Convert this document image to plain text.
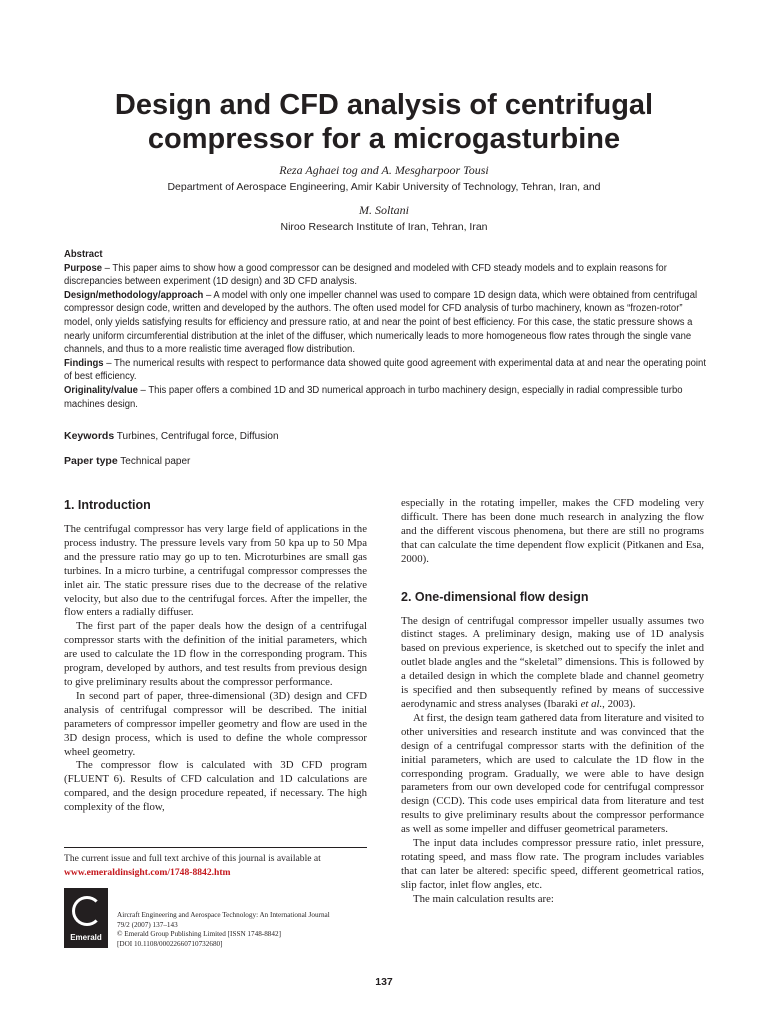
Design and CFD analysis of centrifugal
compressor for a microgasturbine
Reza Aghaei tog and A. Mesgharpoor Tousi
Department of Aerospace Engineering, Amir Kabir University of Technology, Tehran, Iran, and
M. Soltani
Niroo Research Institute of Iran, Tehran, Iran

Abstract

Purpose – This paper aims to show how a good compressor can be designed and modeled with CFD steady models and to explain reasons for discrepancies between experiment (1D design) and 3D CFD analysis.

Design/methodology/approach – A model with only one impeller channel was used to compare 1D design data, which were obtained from centrifugal compressor design code, written and developed by the authors. The often used model for CFD analysis of turbo machinery, known as “frozen-rotor” model, only yields satisfying results for efficiency and pressure ratio, at and near the point of best efficiency. For this case, the static pressure shows a nearly uniform circumferential distribution at the inlet of the diffuser, which numerically leads to more homogeneous flow rates through the single vane channels, and thus to a more realistic time averaged flow distribution.

Findings – The numerical results with respect to performance data showed quite good agreement with experimental data at and near the operating point of best efficiency.

Originality/value – This paper offers a combined 1D and 3D numerical approach in turbo machinery design, especially in radial compressible turbo machines design.

Keywords Turbines, Centrifugal force, Diffusion
Paper type Technical paper
1. Introduction

The centrifugal compressor has very large field of applications in the process industry. The pressure levels vary from 50 kpa up to 50 Mpa and the pressure ratio may go up to ten. Microturbines are small gas turbines. In a micro turbine, a centrifugal compressor compresses the inlet air. The static pressure rises due to the decrease of the relative velocity, but also due to the centrifugal forces. After the impeller, the flow enters a radially diffuser.

The first part of the paper deals how the design of a centrifugal compressor starts with the definition of the initial parameters, which are used to calculate the 1D flow in the corresponding program. This program, developed by authors, and test results from previous design to give preliminary results about the compressor performance.

In second part of paper, three-dimensional (3D) design and CFD analysis of centrifugal compressor will be described. The initial parameters of compressor impeller geometry and flow are used in the 3D design process, which is used to define the whole compressor wheel geometry.

The compressor flow is calculated with 3D CFD program (FLUENT 6). Results of CFD calculation and 1D calculations are compared, and the design procedure repeated, if necessary. The high complexity of the flow,

especially in the rotating impeller, makes the CFD modeling very difficult. There has been done much research in analyzing the flow and the different viscous phenomena, but there are still no programs that can calculate the time dependent flow explicit (Pitkanen and Esa, 2000).

2. One-dimensional flow design

The design of centrifugal compressor impeller usually assumes two distinct stages. A preliminary design, making use of 1D analysis based on previous experience, is sketched out to specify the inlet and outlet blade angles and the “skeletal” dimensions. This is followed by a detailed design in which the complete blade and channel geometry is specified and then subsequently refined by means of successive aerodynamic and stress analyses (Ibaraki et al., 2003).

At first, the design team gathered data from literature and visited to other universities and research institute and was convinced that the design of a centrifugal compressor starts with the definition of the initial parameters, which are used to calculate the 1D flow in the corresponding program. Gradually, we were able to have design parameters from our own developed code for centrifugal compressor design (CCD). This code uses empirical data from literature and test results to give preliminary results about the compressor performance as well as some impeller and diffuser geometrical parameters.

The input data includes compressor pressure ratio, inlet pressure, rotating speed, and mass flow rate. The program includes variables that can later be altered: specific speed, different geometrical ratios, slip factor, inlet flow angles, etc.

The main calculation results are:

The current issue and full text archive of this journal is available at
www.emeraldinsight.com/1748-8842.htm
Emerald
Aircraft Engineering and Aerospace Technology: An International Journal
79/2 (2007) 137–143
© Emerald Group Publishing Limited [ISSN 1748-8842]
[DOI 10.1108/00022660710732680]
137
